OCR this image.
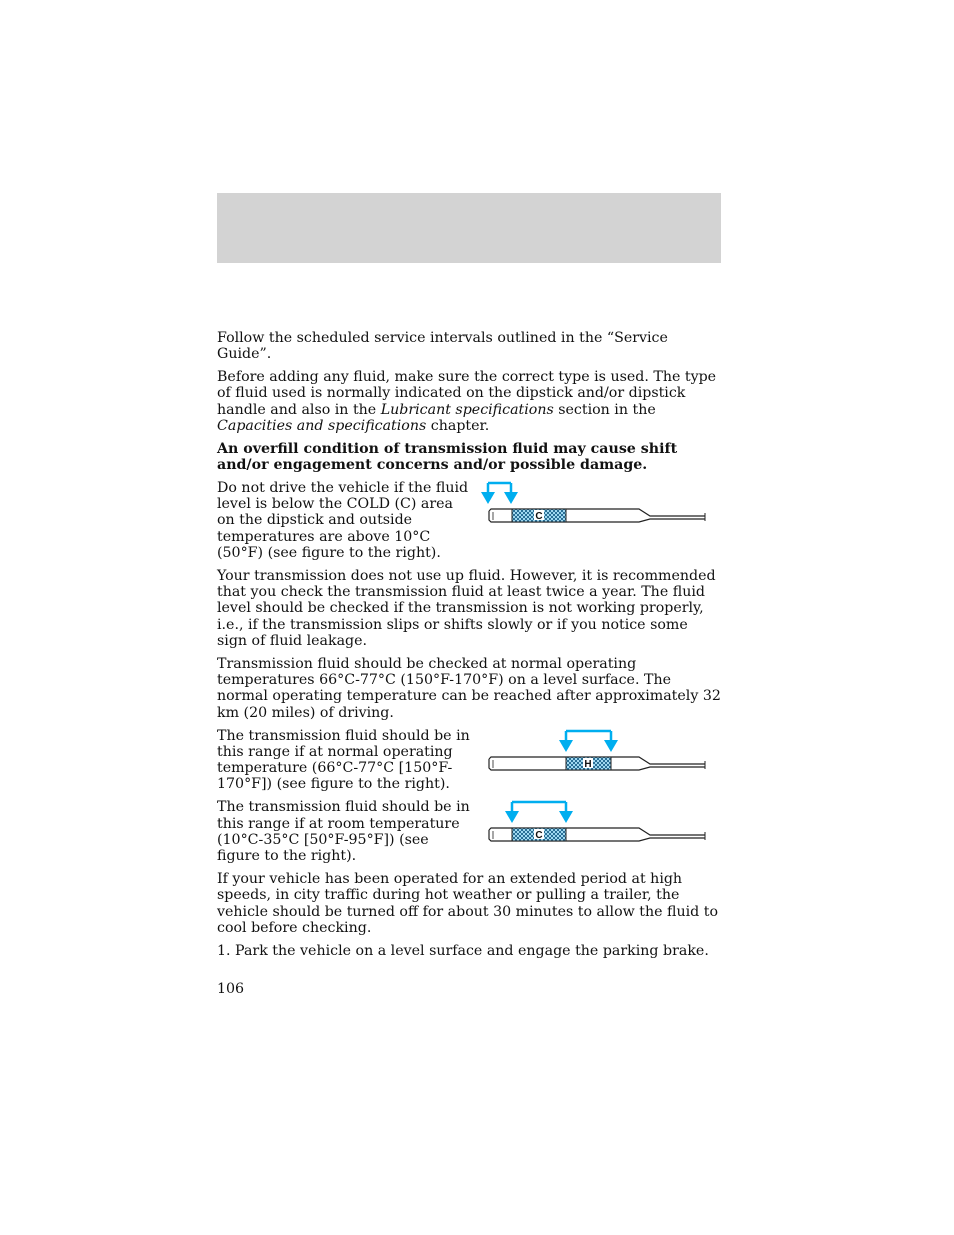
Follow the scheduled service intervals outlined in the “Service Guide”.

Before adding any fluid, make sure the correct type is used. The type of fluid used is normally indicated on the dipstick and/or dipstick handle and also in the Lubricant specifications section in the Capacities and specifications chapter.

An overfill condition of transmission fluid may cause shift and/or engagement concerns and/or possible damage.

Do not drive the vehicle if the fluid level is below the COLD (C) area on the dipstick and outside temperatures are above 10°C (50°F) (see figure to the right).
C

Your transmission does not use up fluid. However, it is recommended that you check the transmission fluid at least twice a year. The fluid level should be checked if the transmission is not working properly, i.e., if the transmission slips or shifts slowly or if you notice some sign of fluid leakage.

Transmission fluid should be checked at normal operating temperatures 66°C-77°C (150°F-170°F) on a level surface. The normal operating temperature can be reached after approximately 32 km (20 miles) of driving.

The transmission fluid should be in this range if at normal operating temperature (66°C-77°C [150°F-170°F]) (see figure to the right).
H
The transmission fluid should be in this range if at room temperature (10°C-35°C [50°F-95°F]) (see figure to the right).
C

If your vehicle has been operated for an extended period at high speeds, in city traffic during hot weather or pulling a trailer, the vehicle should be turned off for about 30 minutes to allow the fluid to cool before checking.

1. Park the vehicle on a level surface and engage the parking brake.

106
